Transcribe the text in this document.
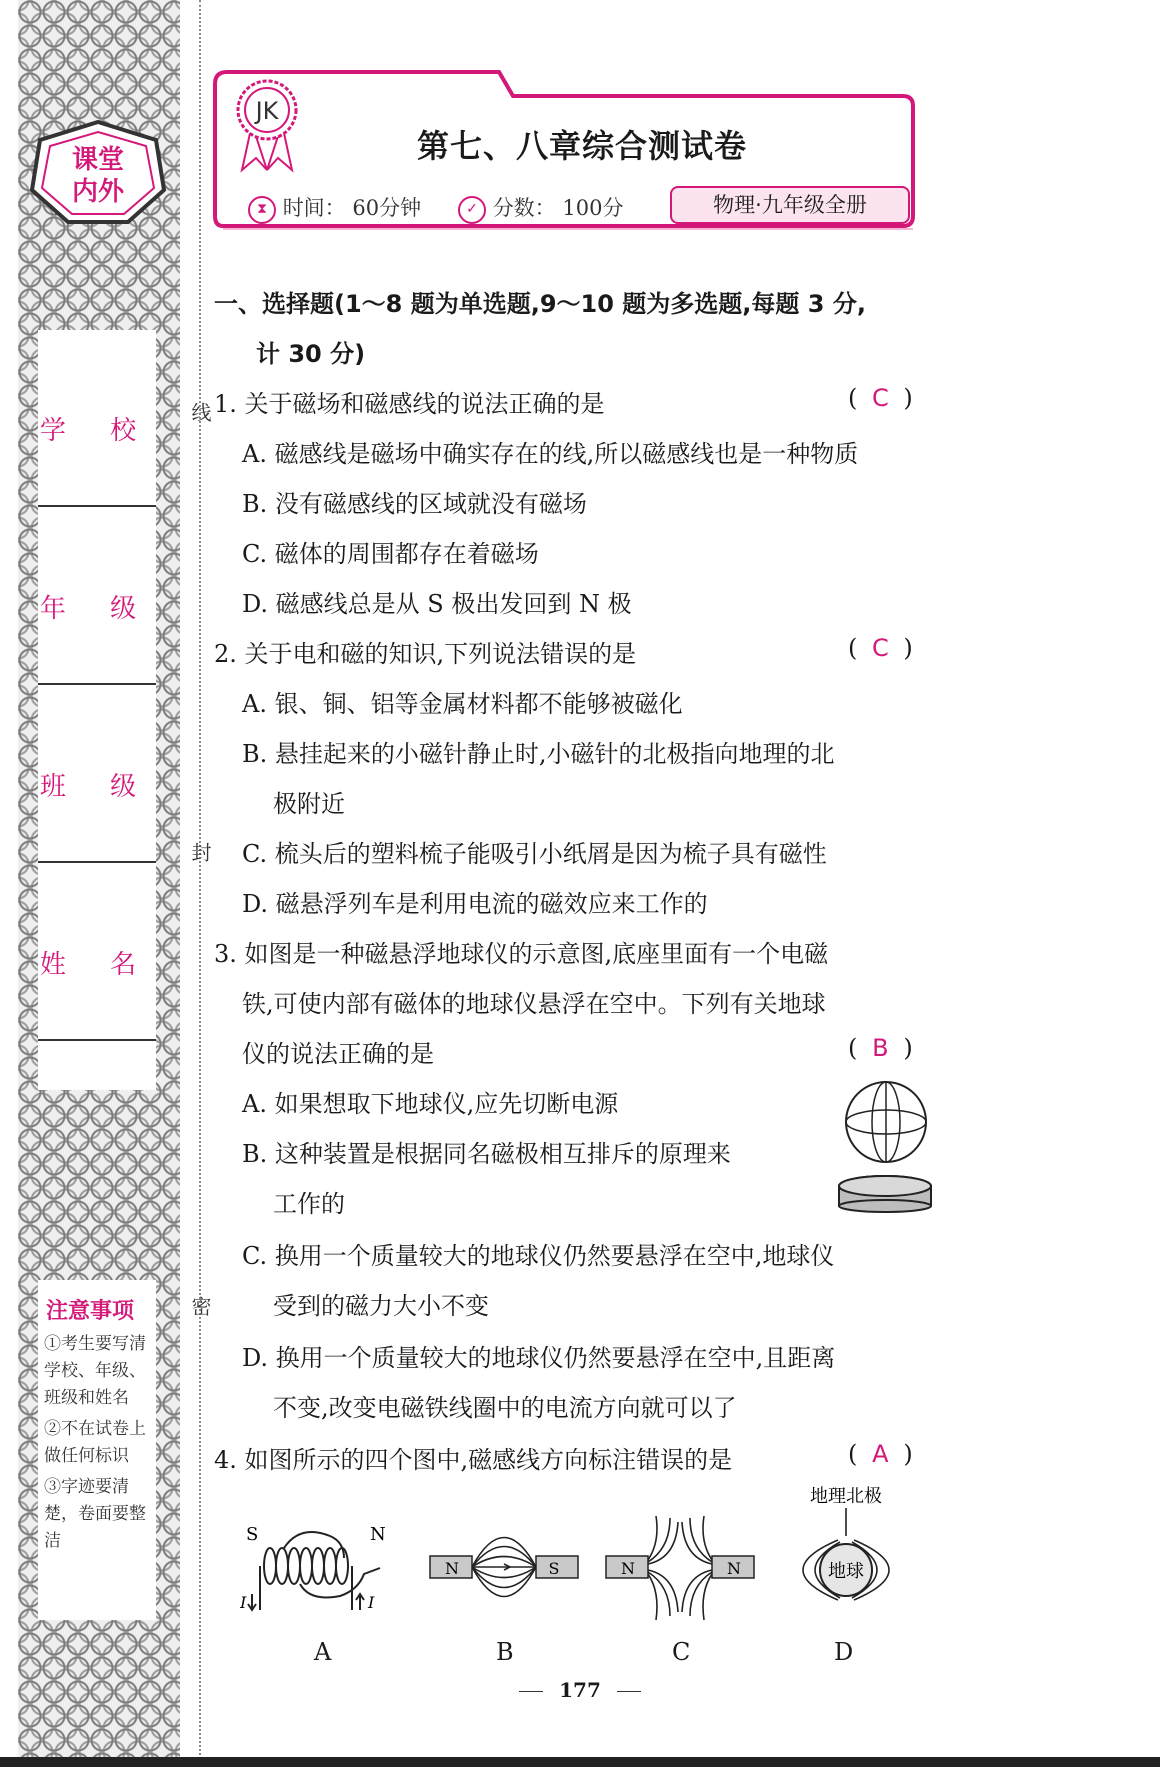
课堂
内外
学 校
年 级
班 级
姓 名
注意事项

①考生要写清学校、年级、班级和姓名

②不在试卷上做任何标识

③字迹要清楚，卷面要整洁

线
封
密
JK
第七、八章综合测试卷
⧗ 时间： 60分钟	✓ 分数： 100分	物理·九年级全册
一、选择题(1～8 题为单选题,9～10 题为多选题,每题 3 分,
计 30 分)
1. 关于磁场和磁感线的说法正确的是	( C )
A. 磁感线是磁场中确实存在的线,所以磁感线也是一种物质
B. 没有磁感线的区域就没有磁场
C. 磁体的周围都存在着磁场
D. 磁感线总是从 S 极出发回到 N 极
2. 关于电和磁的知识,下列说法错误的是	( C )
A. 银、铜、铝等金属材料都不能够被磁化
B. 悬挂起来的小磁针静止时,小磁针的北极指向地理的北
极附近
C. 梳头后的塑料梳子能吸引小纸屑是因为梳子具有磁性
D. 磁悬浮列车是利用电流的磁效应来工作的
3. 如图是一种磁悬浮地球仪的示意图,底座里面有一个电磁
铁,可使内部有磁体的地球仪悬浮在空中。下列有关地球
仪的说法正确的是	( B )
A. 如果想取下地球仪,应先切断电源
B. 这种装置是根据同名磁极相互排斥的原理来
工作的
C. 换用一个质量较大的地球仪仍然要悬浮在空中,地球仪
受到的磁力大小不变
D. 换用一个质量较大的地球仪仍然要悬浮在空中,且距离
不变,改变电磁铁线圈中的电流方向就可以了
4. 如图所示的四个图中,磁感线方向标注错误的是	( A )
S	N
I	I
N	S	N	N
地理北极
地球
A	B	C	D
177
